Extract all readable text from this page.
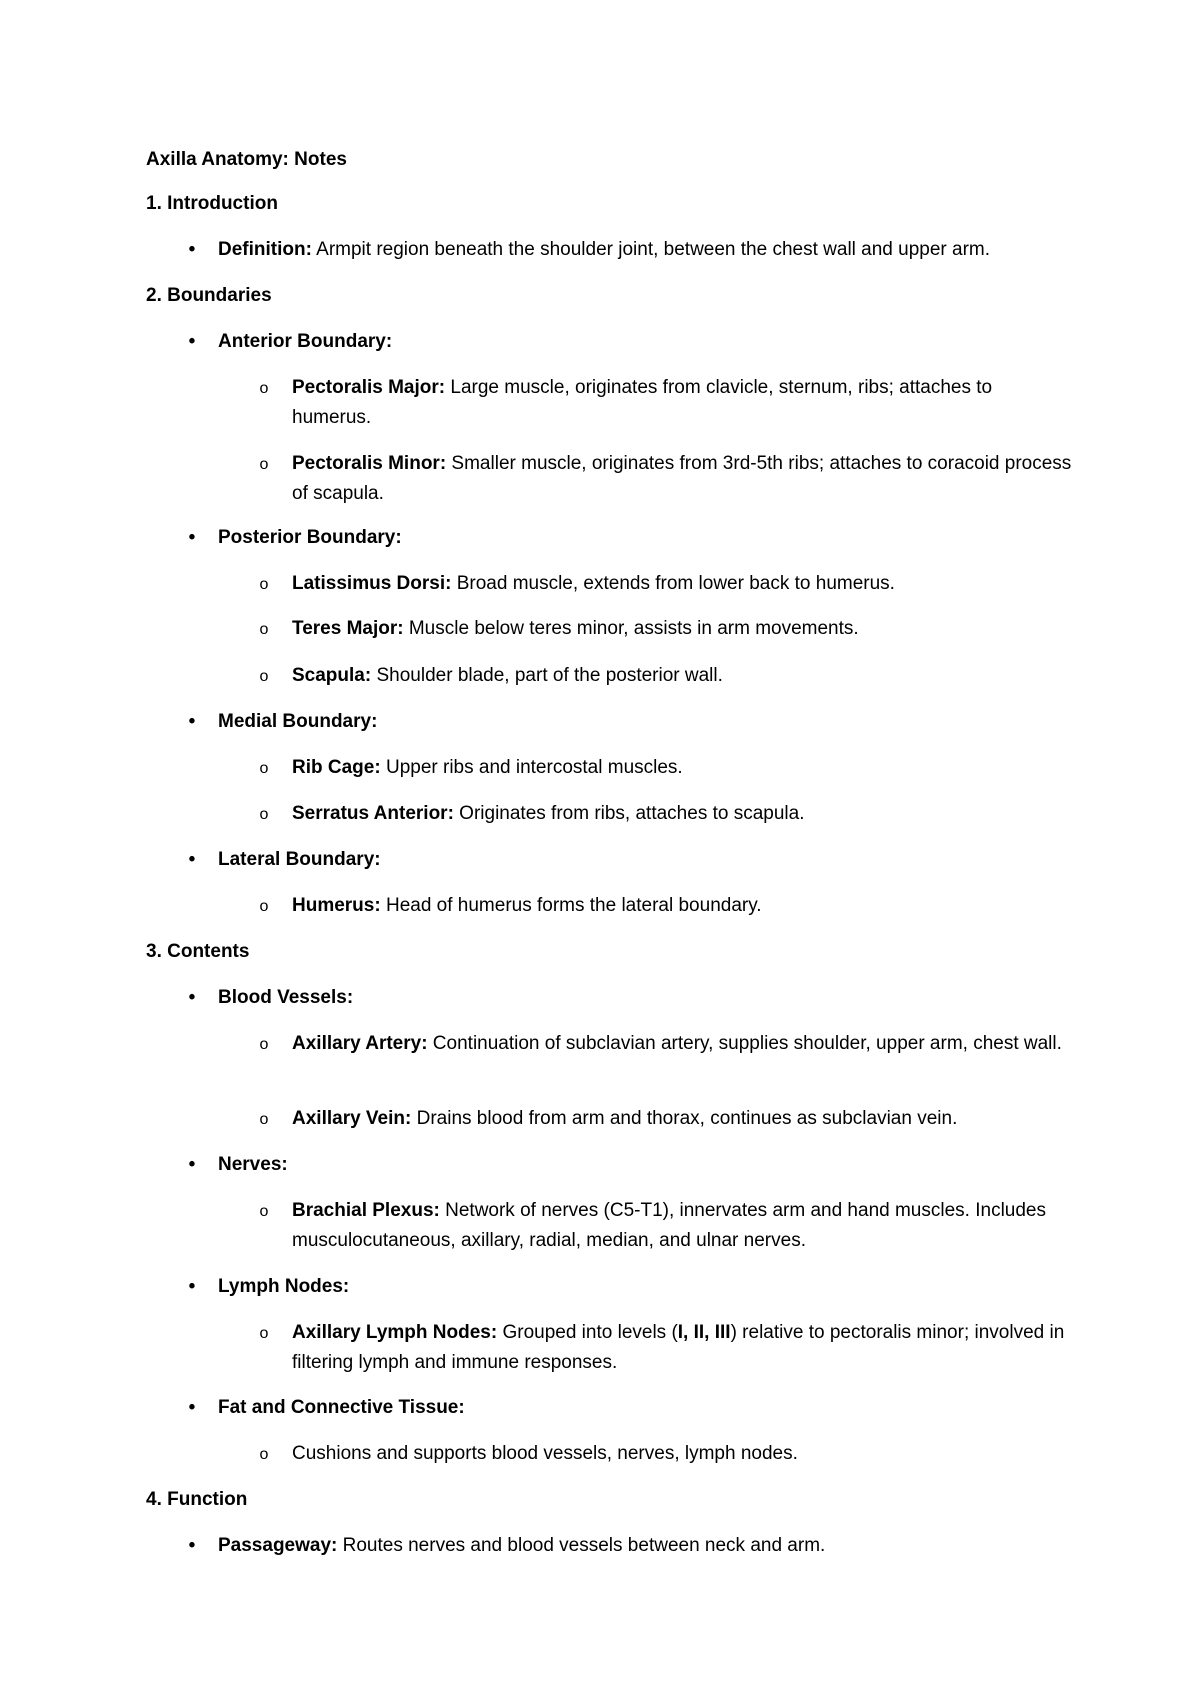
Axilla Anatomy: Notes
1. Introduction
•	Definition: Armpit region beneath the shoulder joint, between the chest wall and upper arm.
2. Boundaries
•	Anterior Boundary:
o Pectoralis Major: Large muscle, originates from clavicle, sternum, ribs; attaches to humerus.
o Pectoralis Minor: Smaller muscle, originates from 3rd-5th ribs; attaches to coracoid process of scapula.
•	Posterior Boundary:
o Latissimus Dorsi: Broad muscle, extends from lower back to humerus.
o Teres Major: Muscle below teres minor, assists in arm movements.
o Scapula: Shoulder blade, part of the posterior wall.
•	Medial Boundary:
o Rib Cage: Upper ribs and intercostal muscles.
o Serratus Anterior: Originates from ribs, attaches to scapula.
•	Lateral Boundary:
o Humerus: Head of humerus forms the lateral boundary.
3. Contents
•	Blood Vessels:
o Axillary Artery: Continuation of subclavian artery, supplies shoulder, upper arm, chest wall.
o Axillary Vein: Drains blood from arm and thorax, continues as subclavian vein.
•	Nerves:
o Brachial Plexus: Network of nerves (C5-T1), innervates arm and hand muscles. Includes musculocutaneous, axillary, radial, median, and ulnar nerves.
•	Lymph Nodes:
o Axillary Lymph Nodes: Grouped into levels (I, II, III) relative to pectoralis minor; involved in filtering lymph and immune responses.
•	Fat and Connective Tissue:
o Cushions and supports blood vessels, nerves, lymph nodes.
4. Function
•	Passageway: Routes nerves and blood vessels between neck and arm.
